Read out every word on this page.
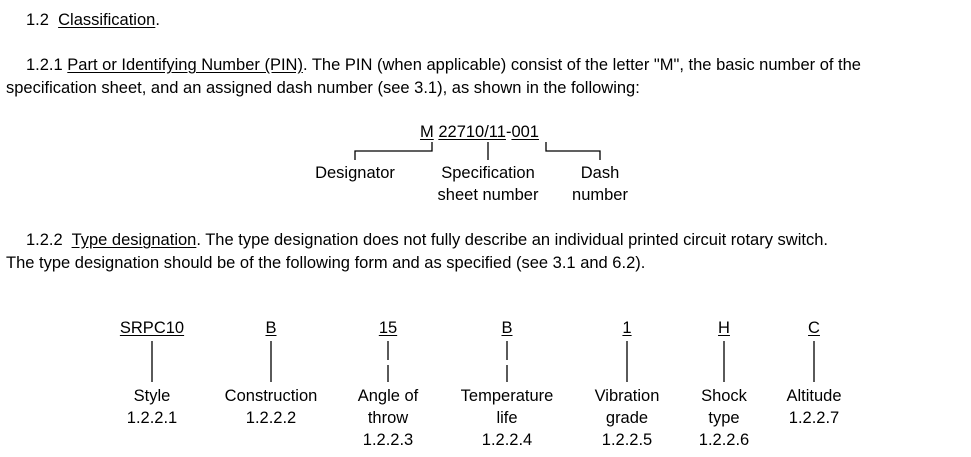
1.2 Classification.
1.2.1 Part or Identifying Number (PIN). The PIN (when applicable) consist of the letter "M", the basic number of the
specification sheet, and an assigned dash number (see 3.1), as shown in the following:
M 22710/11-001
Designator	Specification
sheet number
Dash
number
1.2.2 Type designation. The type designation does not fully describe an individual printed circuit rotary switch.
The type designation should be of the following form and as specified (see 3.1 and 6.2).
SRPC10
Style
1.2.2.1
B
Construction
1.2.2.2
15
Angle of
throw
1.2.2.3
B
Temperature
life
1.2.2.4
1
Vibration
grade
1.2.2.5
H
Shock
type
1.2.2.6
C
Altitude
1.2.2.7
